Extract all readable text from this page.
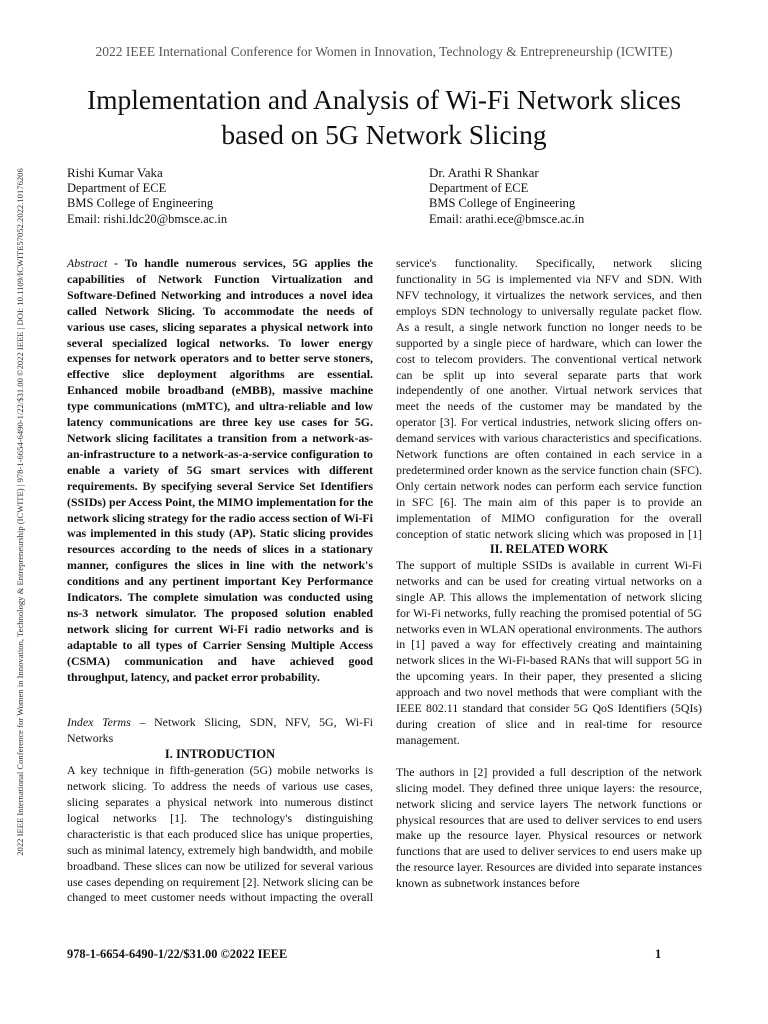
2022 IEEE International Conference for Women in Innovation, Technology & Entrepreneurship (ICWITE)
2022 IEEE International Conference for Women in Innovation, Technology & Entrepreneurship (ICWITE) | 978-1-6654-6490-1/22/$31.00 ©2022 IEEE | DOI: 10.1109/ICWITE57052.2022.10176206
Implementation and Analysis of Wi-Fi Network slices based on 5G Network Slicing
Rishi Kumar Vaka
Department of ECE
BMS College of Engineering
Email: rishi.ldc20@bmsce.ac.in
Dr. Arathi R Shankar
Department of ECE
BMS College of Engineering
Email: arathi.ece@bmsce.ac.in

Abstract - To handle numerous services, 5G applies the capabilities of Network Function Virtualization and Software-Defined Networking and introduces a novel idea called Network Slicing. To accommodate the needs of various use cases, slicing separates a physical network into several specialized logical networks. To lower energy expenses for network operators and to better serve stoners, effective slice deployment algorithms are essential. Enhanced mobile broadband (eMBB), massive machine type communications (mMTC), and ultra-reliable and low latency communications are three key use cases for 5G. Network slicing facilitates a transition from a network-as-an-infrastructure to a network-as-a-service configuration to enable a variety of 5G smart services with different requirements. By specifying several Service Set Identifiers (SSIDs) per Access Point, the MIMO implementation for the network slicing strategy for the radio access section of Wi-Fi was implemented in this study (AP). Static slicing provides resources according to the needs of slices in a stationary manner, configures the slices in line with the network's conditions and any pertinent important Key Performance Indicators. The complete simulation was conducted using ns-3 network simulator. The proposed solution enabled network slicing for current Wi-Fi radio networks and is adaptable to all types of Carrier Sensing Multiple Access (CSMA) communication and have achieved good throughput, latency, and packet error probability.

Index Terms – Network Slicing, SDN, NFV, 5G, Wi-Fi Networks

I. INTRODUCTION

A key technique in fifth-generation (5G) mobile networks is network slicing. To address the needs of various use cases, slicing separates a physical network into numerous distinct logical networks [1]. The technology's distinguishing characteristic is that each produced slice has unique properties, such as minimal latency, extremely high bandwidth, and mobile broadband. These slices can now be utilized for several various use cases depending on requirement [2]. Network slicing can be changed to meet customer needs without impacting the overall

service's functionality. Specifically, network slicing functionality in 5G is implemented via NFV and SDN. With NFV technology, it virtualizes the network services, and then employs SDN technology to universally regulate packet flow. As a result, a single network function no longer needs to be supported by a single piece of hardware, which can lower the cost to telecom providers. The conventional vertical network can be split up into several separate parts that work independently of one another. Virtual network services that meet the needs of the customer may be mandated by the operator [3]. For vertical industries, network slicing offers on-demand services with various characteristics and specifications. Network functions are often contained in each service in a predetermined order known as the service function chain (SFC). Only certain network nodes can perform each service function in SFC [6]. The main aim of this paper is to provide an implementation of MIMO configuration for the overall conception of static network slicing which was proposed in [1]

II. RELATED WORK

The support of multiple SSIDs is available in current Wi-Fi networks and can be used for creating virtual networks on a single AP. This allows the implementation of network slicing for Wi-Fi networks, fully reaching the promised potential of 5G networks even in WLAN operational environments. The authors in [1] paved a way for effectively creating and maintaining network slices in the Wi-Fi-based RANs that will support 5G in the upcoming years. In their paper, they presented a slicing approach and two novel methods that were compliant with the IEEE 802.11 standard that consider 5G QoS Identifiers (5QIs) during creation of slice and in real-time for resource management.

The authors in [2] provided a full description of the network slicing model. They defined three unique layers: the resource, network slicing and service layers The network functions or physical resources that are used to deliver services to end users make up the resource layer. Physical resources or network functions that are used to deliver services to end users make up the resource layer. Resources are divided into separate instances known as subnetwork instances before

978-1-6654-6490-1/22/$31.00 ©2022 IEEE	1
